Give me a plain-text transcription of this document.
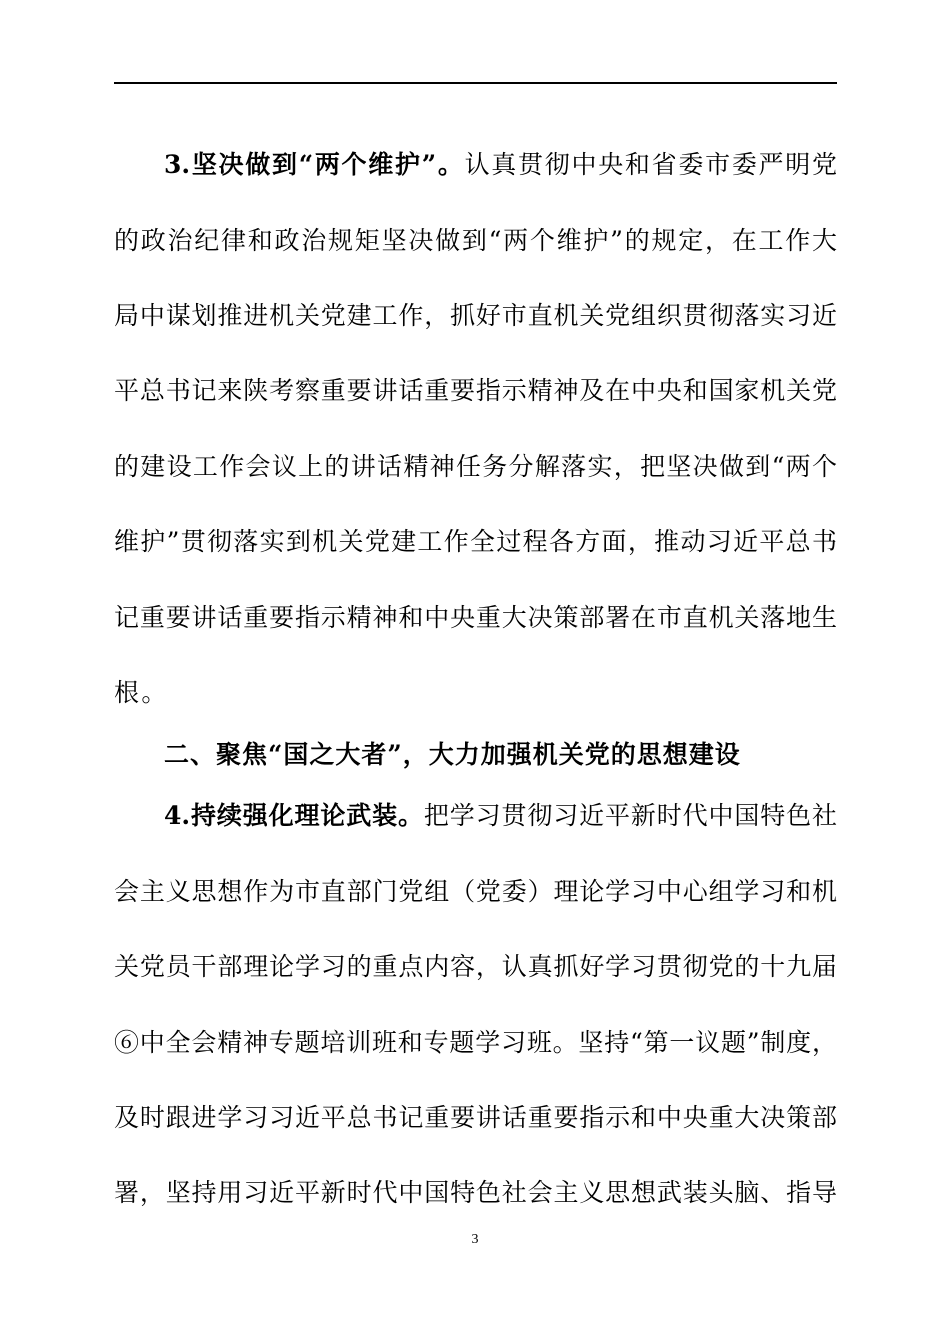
3.坚决做到“两个维护”。认真贯彻中央和省委市委严明党
的政治纪律和政治规矩坚决做到“两个维护”的规定，在工作大
局中谋划推进机关党建工作，抓好市直机关党组织贯彻落实习近
平总书记来陕考察重要讲话重要指示精神及在中央和国家机关党
的建设工作会议上的讲话精神任务分解落实，把坚决做到“两个
维护”贯彻落实到机关党建工作全过程各方面，推动习近平总书
记重要讲话重要指示精神和中央重大决策部署在市直机关落地生
根。
二、聚焦“国之大者”，大力加强机关党的思想建设
4.持续强化理论武装。把学习贯彻习近平新时代中国特色社
会主义思想作为市直部门党组（党委）理论学习中心组学习和机
关党员干部理论学习的重点内容，认真抓好学习贯彻党的十九届
⑥中全会精神专题培训班和专题学习班。坚持“第一议题”制度，
及时跟进学习习近平总书记重要讲话重要指示和中央重大决策部
署，坚持用习近平新时代中国特色社会主义思想武装头脑、指导
3
